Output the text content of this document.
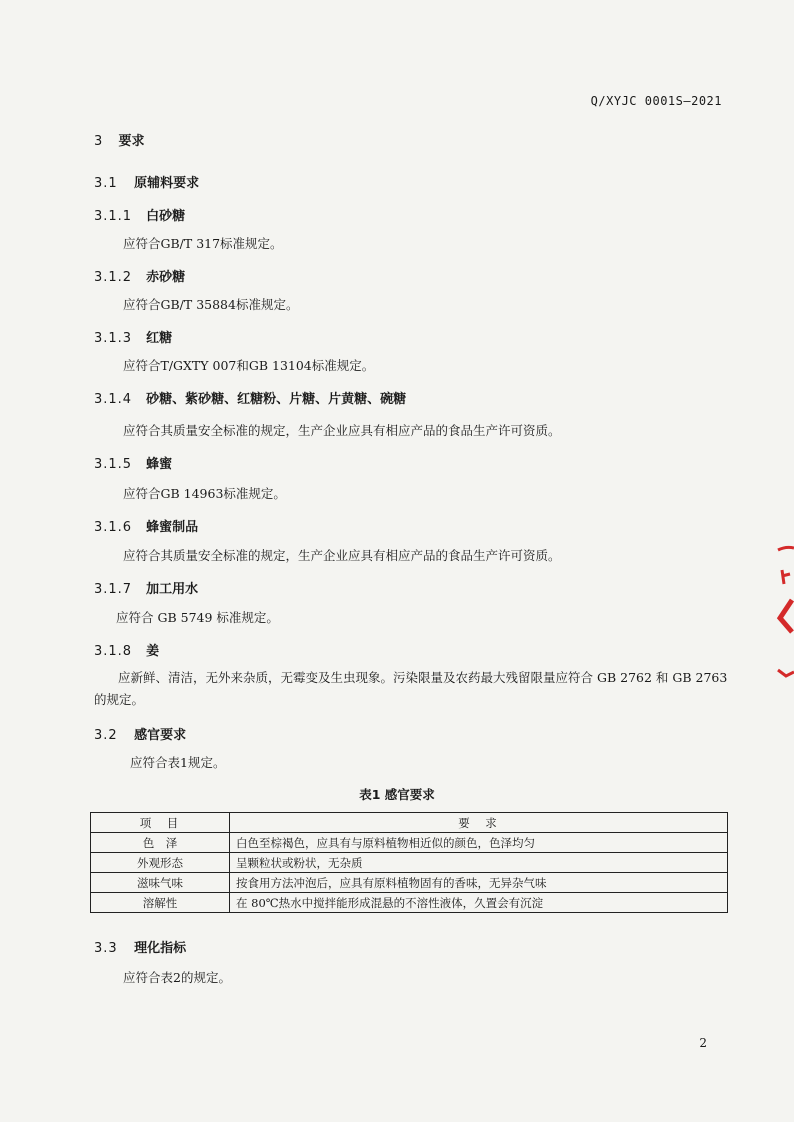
Q/XYJC 0001S—2021
3 要求
3.1 原辅料要求
3.1.1 白砂糖
应符合GB/T 317标准规定。
3.1.2 赤砂糖
应符合GB/T 35884标准规定。
3.1.3 红糖
应符合T/GXTY 007和GB 13104标准规定。
3.1.4 砂糖、紫砂糖、红糖粉、片糖、片黄糖、碗糖
应符合其质量安全标准的规定，生产企业应具有相应产品的食品生产许可资质。
3.1.5 蜂蜜
应符合GB 14963标准规定。
3.1.6 蜂蜜制品
应符合其质量安全标准的规定，生产企业应具有相应产品的食品生产许可资质。
3.1.7 加工用水
应符合 GB 5749 标准规定。
3.1.8 姜
应新鲜、清洁，无外来杂质，无霉变及生虫现象。污染限量及农药最大残留限量应符合 GB 2762 和 GB 2763 的规定。
3.2 感官要求
应符合表1规定。
表1 感官要求
项　目	要　求
色　泽	白色至棕褐色，应具有与原料植物相近似的颜色，色泽均匀
外观形态	呈颗粒状或粉状，无杂质
滋味气味	按食用方法冲泡后，应具有原料植物固有的香味，无异杂气味
溶解性	在 80℃热水中搅拌能形成混悬的不溶性液体，久置会有沉淀
3.3 理化指标
应符合表2的规定。
2
